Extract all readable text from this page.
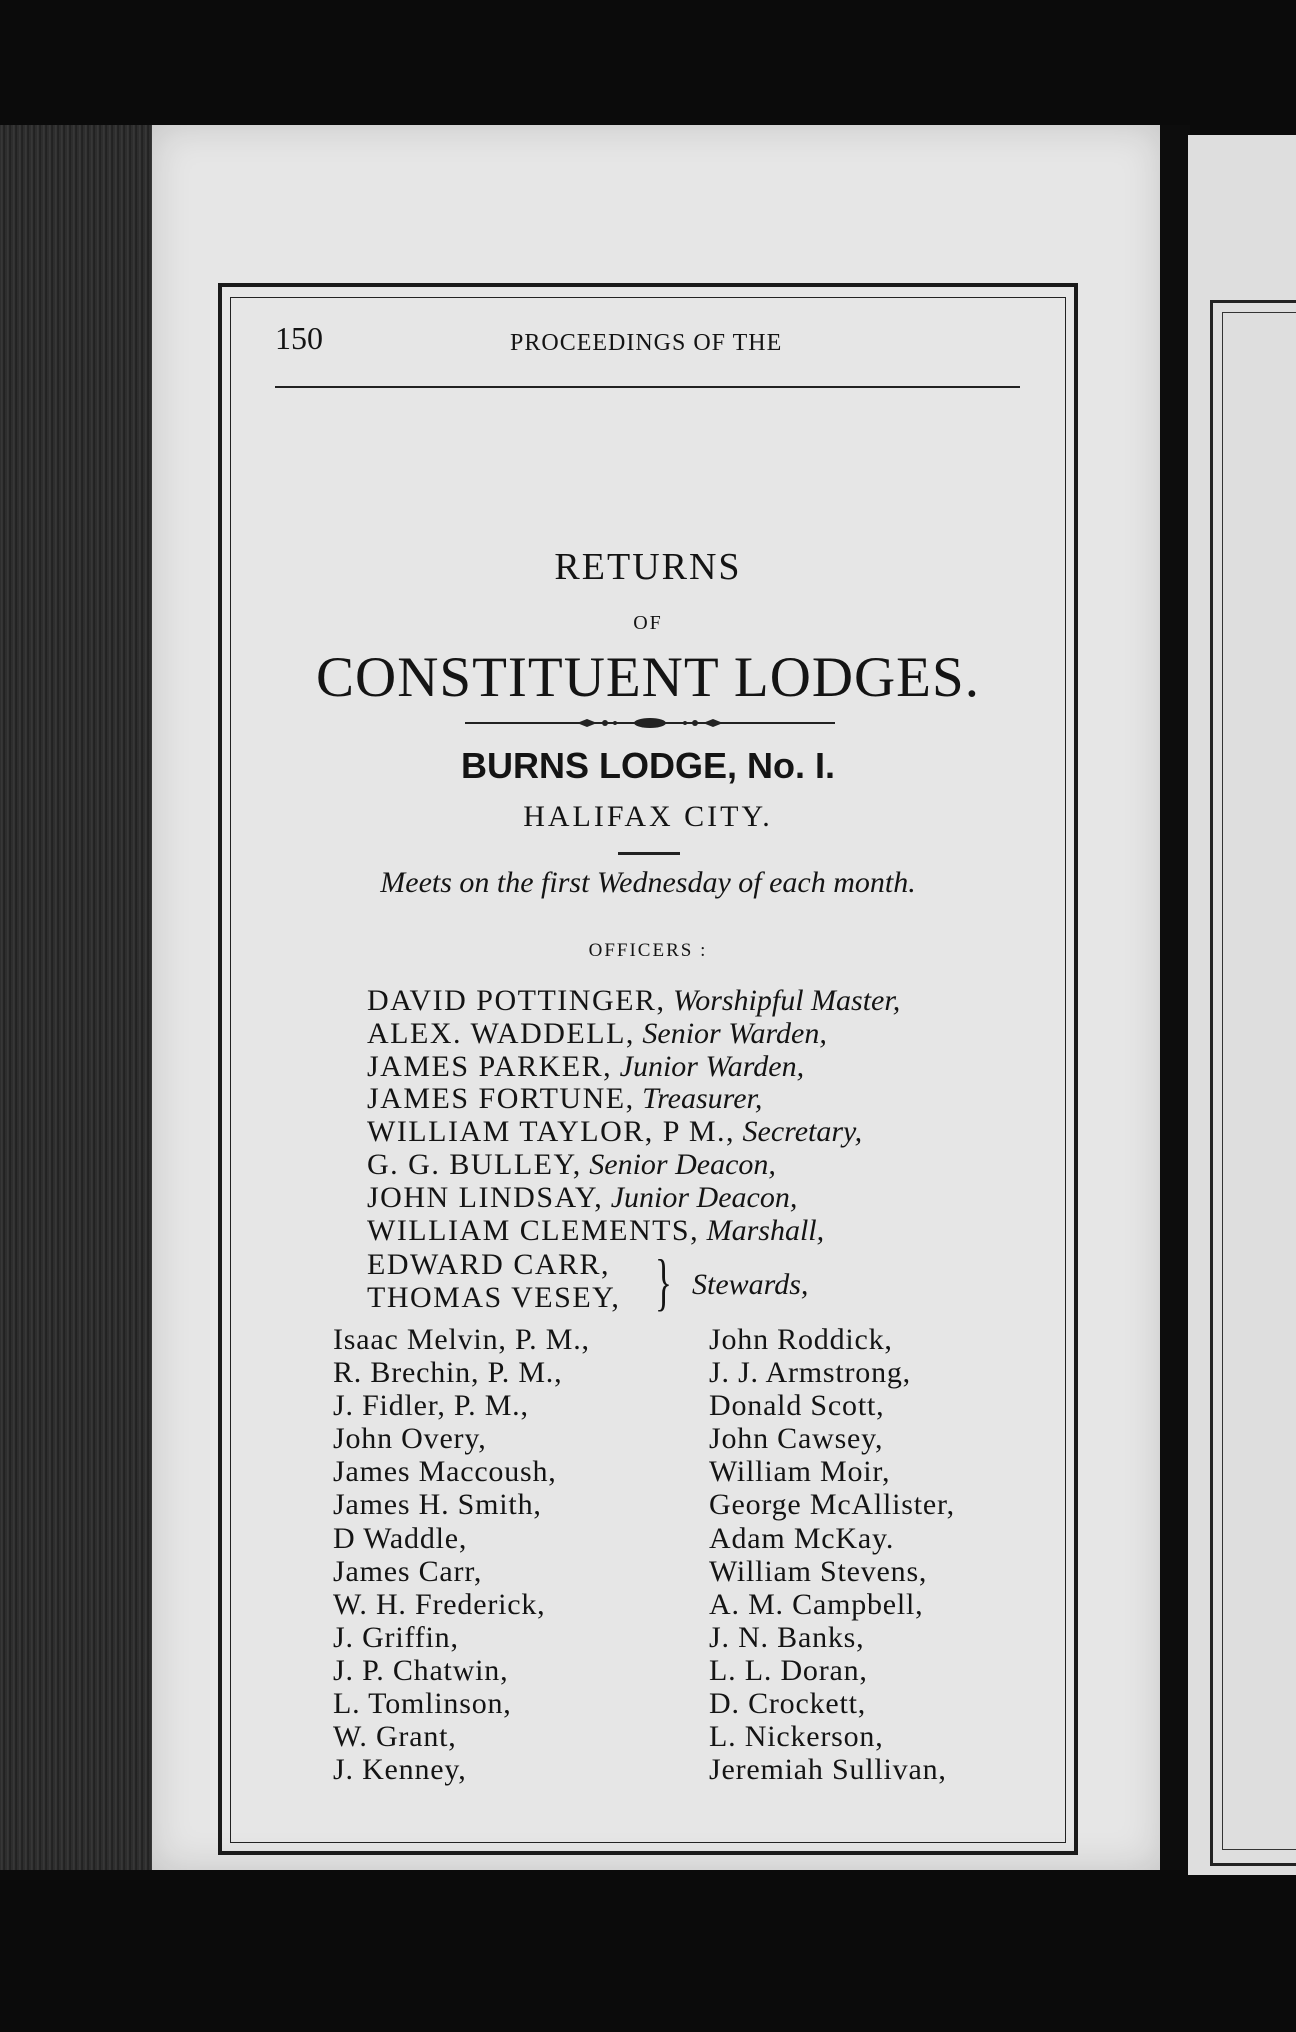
150	PROCEEDINGS OF THE
RETURNS
OF
CONSTITUENT LODGES.
BURNS LODGE, No. I.
HALIFAX CITY.
Meets on the first Wednesday of each month.
OFFICERS :
DAVID POTTINGER, Worshipful Master,
ALEX. WADDELL, Senior Warden,
JAMES PARKER, Junior Warden,
JAMES FORTUNE, Treasurer,
WILLIAM TAYLOR, P M., Secretary,
G. G. BULLEY, Senior Deacon,
JOHN LINDSAY, Junior Deacon,
WILLIAM CLEMENTS, Marshall,
EDWARD CARR,
THOMAS VESEY, } Stewards,
Isaac Melvin, P. M.,
R. Brechin, P. M.,
J. Fidler, P. M.,
John Overy,
James Maccoush,
James H. Smith,
D Waddle,
James Carr,
W. H. Frederick,
J. Griffin,
J. P. Chatwin,
L. Tomlinson,
W. Grant,
J. Kenney,
John Roddick,
J. J. Armstrong,
Donald Scott,
John Cawsey,
William Moir,
George McAllister,
Adam McKay.
William Stevens,
A. M. Campbell,
J. N. Banks,
L. L. Doran,
D. Crockett,
L. Nickerson,
Jeremiah Sullivan,
